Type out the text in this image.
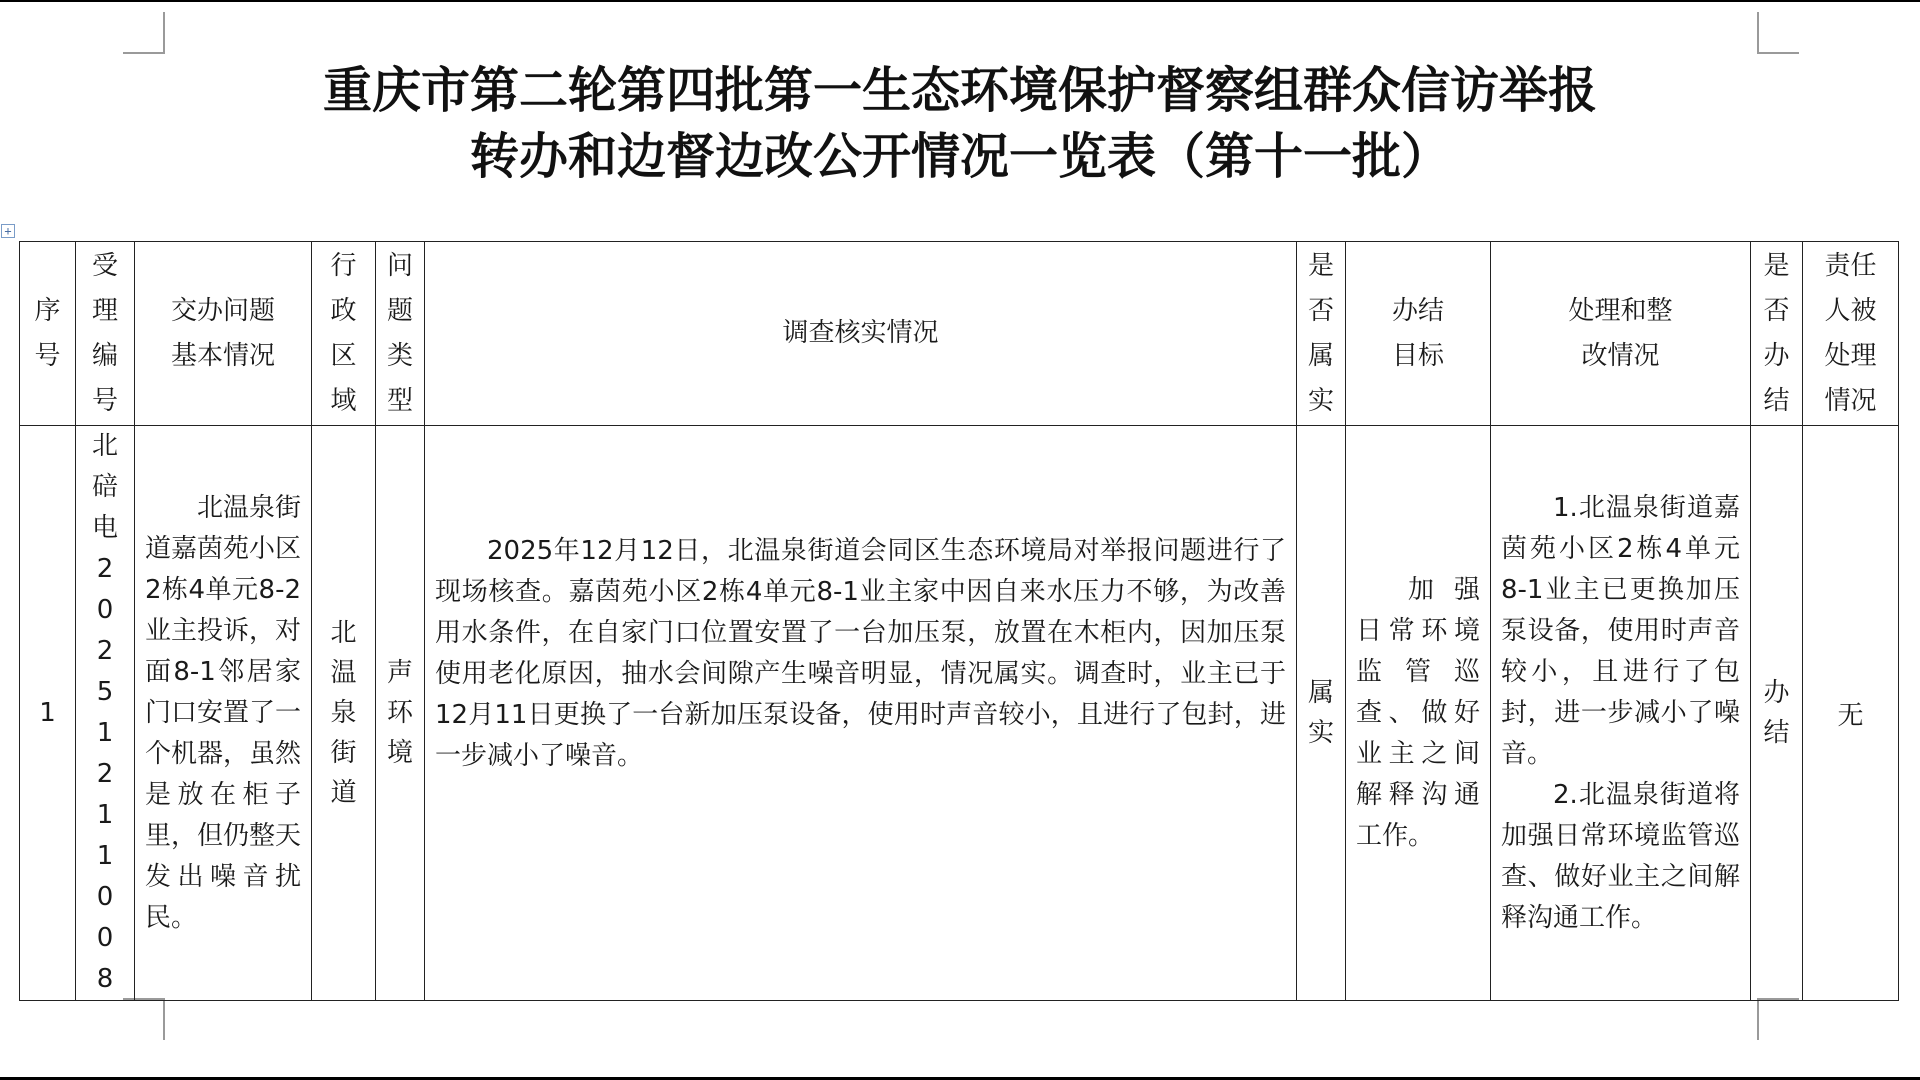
重庆市第二轮第四批第一生态环境保护督察组群众信访举报
转办和边督边改公开情况一览表（第十一批）
+
序号	受理编号	交办问题基本情况	行政区域	问题类型	调查核实情况	是否属实	办结目标	处理和整改情况	是否办结	责任人被处理情况

1	北碚电20251211008	北温泉街道嘉茵苑小区2栋4单元8-2业主投诉，对面8-1邻居家门口安置了一个机器，虽然是放在柜子里，但仍整天发出噪音扰民。	北温泉街道	声环境	2025年12月12日，北温泉街道会同区生态环境局对举报问题进行了现场核查。嘉茵苑小区2栋4单元8-1业主家中因自来水压力不够，为改善用水条件，在自家门口位置安置了一台加压泵，放置在木柜内，因加压泵使用老化原因，抽水会间隙产生噪音明显，情况属实。调查时，业主已于12月11日更换了一台新加压泵设备，使用时声音较小，且进行了包封，进一步减小了噪音。	属实	加强日常环境监管巡查、做好业主之间解释沟通工作。	1.北温泉街道嘉茵苑小区2栋4单元8-1业主已更换加压泵设备，使用时声音较小，且进行了包封，进一步减小了噪音。

2.北温泉街道将加强日常环境监管巡查、做好业主之间解释沟通工作。	办结	无
